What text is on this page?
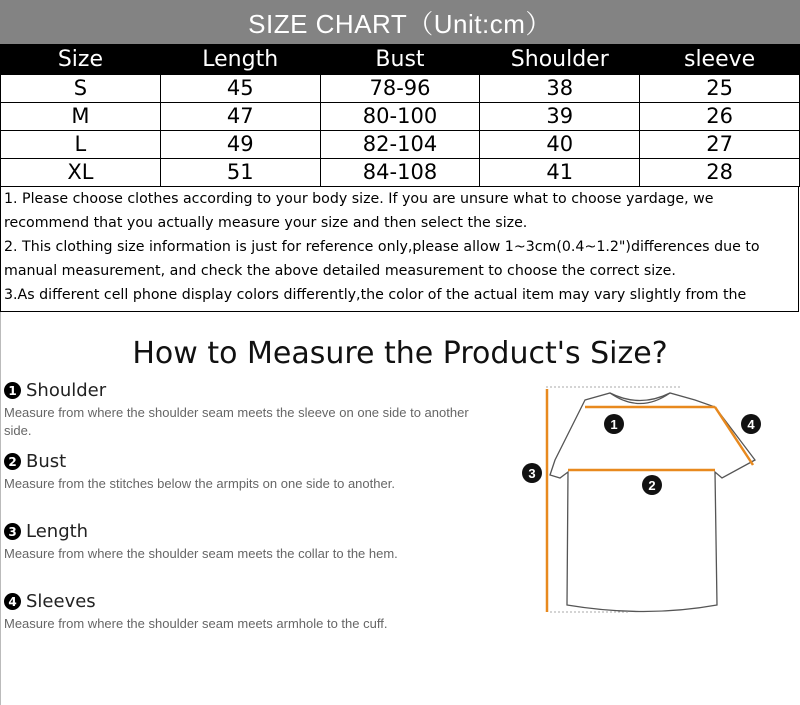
SIZE CHART（Unit:cm）
Size	Length	Bust	Shoulder	sleeve
S	45	78-96	38	25
M	47	80-100	39	26
L	49	82-104	40	27
XL	51	84-108	41	28

1. Please choose clothes according to your body size. If you are unsure what to choose yardage, we recommend that you actually measure your size and then select the size.

2. This clothing size information is just for reference only,please allow 1~3cm(0.4~1.2")differences due to manual measurement, and check the above detailed measurement to choose the correct size.

3.As different cell phone display colors differently,the color of the actual item may vary slightly from the

How to Measure the Product's Size?
1 Shoulder
Measure from where the shoulder seam meets the sleeve on one side to another side.
2 Bust
Measure from the stitches below the armpits on one side to another.
3 Length
Measure from where the shoulder seam meets the collar to the hem.
4 Sleeves
Measure from where the shoulder seam meets armhole to the cuff.
1
2
3
4
